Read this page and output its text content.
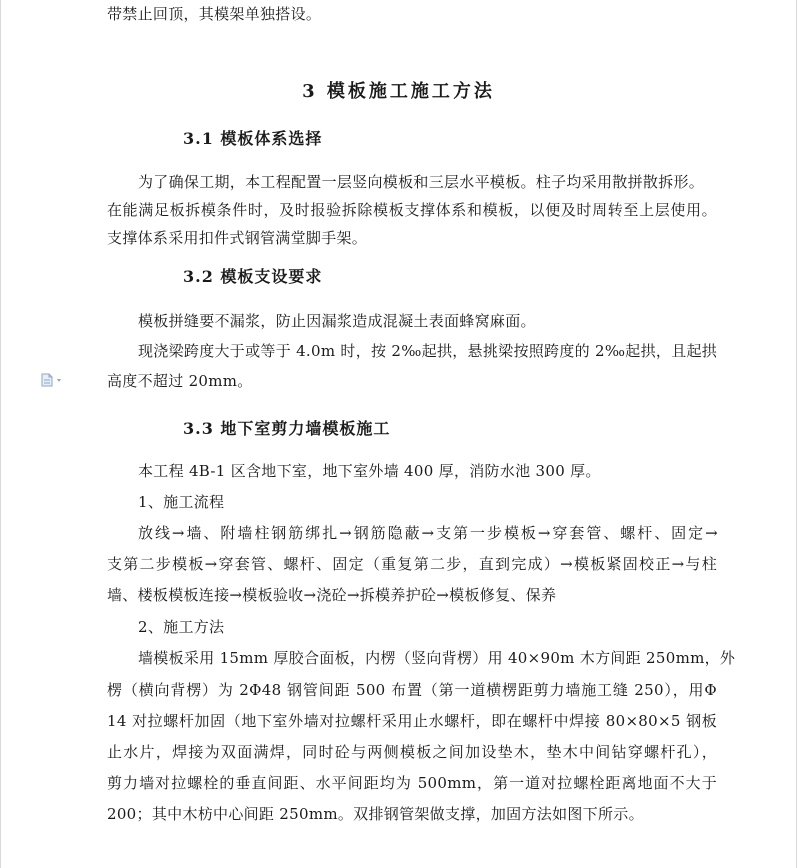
带禁止回顶，其模架单独搭设。
3 模板施工施工方法
3.1 模板体系选择
为了确保工期，本工程配置一层竖向模板和三层水平模板。柱子均采用散拼散拆形。
在能满足板拆模条件时，及时报验拆除模板支撑体系和模板，以便及时周转至上层使用。
支撑体系采用扣件式钢管满堂脚手架。
3.2 模板支设要求
模板拼缝要不漏浆，防止因漏浆造成混凝土表面蜂窝麻面。
现浇梁跨度大于或等于 4.0m 时，按 2‰起拱，悬挑梁按照跨度的 2‰起拱，且起拱
高度不超过 20mm。
3.3 地下室剪力墙模板施工
本工程 4B-1 区含地下室，地下室外墙 400 厚，消防水池 300 厚。
1、施工流程
放线→墙、附墙柱钢筋绑扎→钢筋隐蔽→支第一步模板→穿套管、螺杆、固定→
支第二步模板→穿套管、螺杆、固定（重复第二步，直到完成）→模板紧固校正→与柱
墙、楼板模板连接→模板验收→浇砼→拆模养护砼→模板修复、保养
2、施工方法
墙模板采用 15mm 厚胶合面板，内楞（竖向背楞）用 40×90m 木方间距 250mm，外
楞（横向背楞）为 2Φ48 钢管间距 500 布置（第一道横楞距剪力墙施工缝 250），用Φ
14 对拉螺杆加固（地下室外墙对拉螺杆采用止水螺杆，即在螺杆中焊接 80×80×5 钢板
止水片，焊接为双面满焊，同时砼与两侧模板之间加设垫木，垫木中间钻穿螺杆孔），
剪力墙对拉螺栓的垂直间距、水平间距均为 500mm，第一道对拉螺栓距离地面不大于
200；其中木枋中心间距 250mm。双排钢管架做支撑，加固方法如图下所示。
